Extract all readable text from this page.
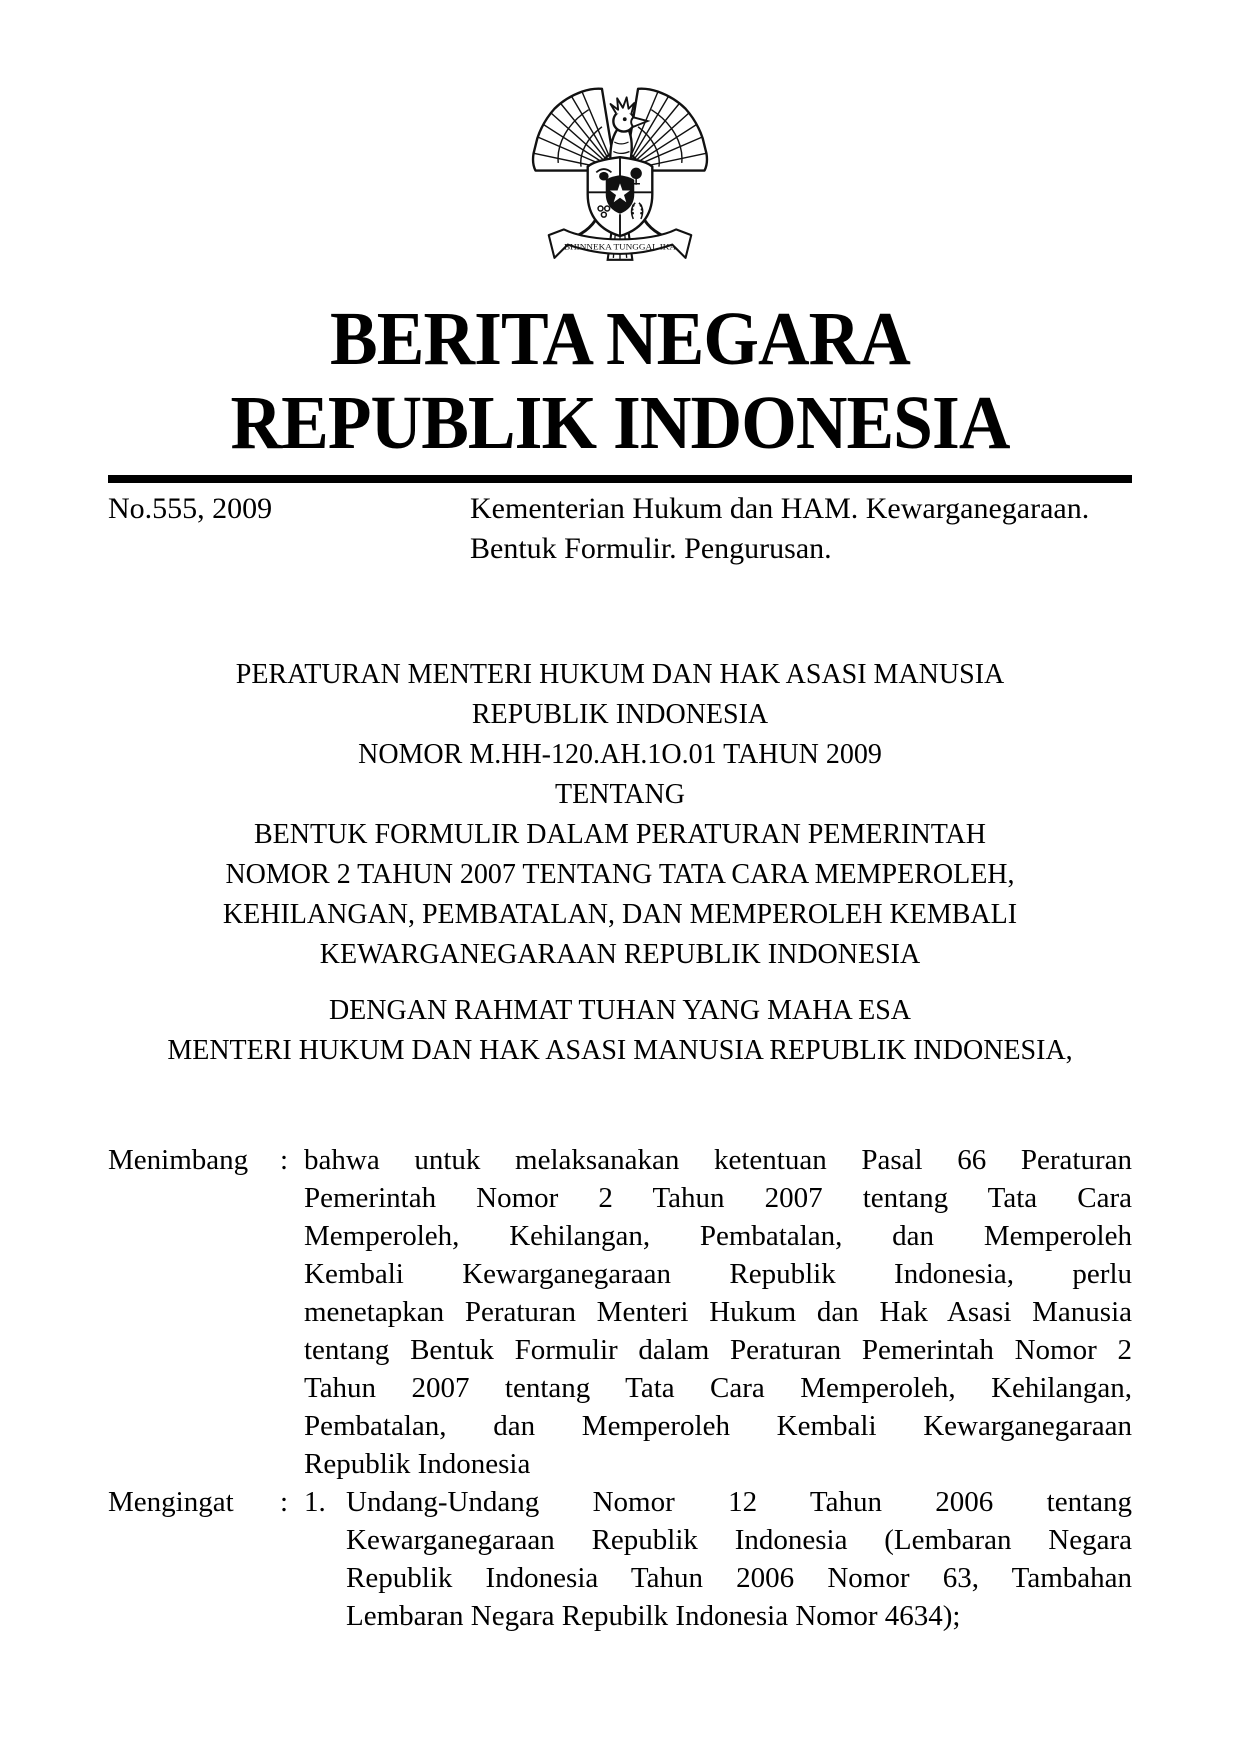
BHINNEKA TUNGGAL IKA
BERITA NEGARA
REPUBLIK INDONESIA
No.555, 2009	Kementerian Hukum dan HAM. Kewarganegaraan.
Bentuk Formulir. Pengurusan.
PERATURAN MENTERI HUKUM DAN HAK ASASI MANUSIA
REPUBLIK INDONESIA
NOMOR M.HH-120.AH.1O.01 TAHUN 2009
TENTANG
BENTUK FORMULIR DALAM PERATURAN PEMERINTAH
NOMOR 2 TAHUN 2007 TENTANG TATA CARA MEMPEROLEH,
KEHILANGAN, PEMBATALAN, DAN MEMPEROLEH KEMBALI
KEWARGANEGARAAN REPUBLIK INDONESIA
DENGAN RAHMAT TUHAN YANG MAHA ESA
MENTERI HUKUM DAN HAK ASASI MANUSIA REPUBLIK INDONESIA,
Menimbang	: bahwa untuk melaksanakan ketentuan Pasal 66 Peraturan
Pemerintah Nomor 2 Tahun 2007 tentang Tata Cara
Memperoleh, Kehilangan, Pembatalan, dan Memperoleh
Kembali Kewarganegaraan Republik Indonesia, perlu
menetapkan Peraturan Menteri Hukum dan Hak Asasi Manusia
tentang Bentuk Formulir dalam Peraturan Pemerintah Nomor 2
Tahun 2007 tentang Tata Cara Memperoleh, Kehilangan,
Pembatalan, dan Memperoleh Kembali Kewarganegaraan
Republik Indonesia
Mengingat	: 1. Undang-Undang Nomor 12 Tahun 2006 tentang
Kewarganegaraan Republik Indonesia (Lembaran Negara
Republik Indonesia Tahun 2006 Nomor 63, Tambahan
Lembaran Negara Repubilk Indonesia Nomor 4634);
